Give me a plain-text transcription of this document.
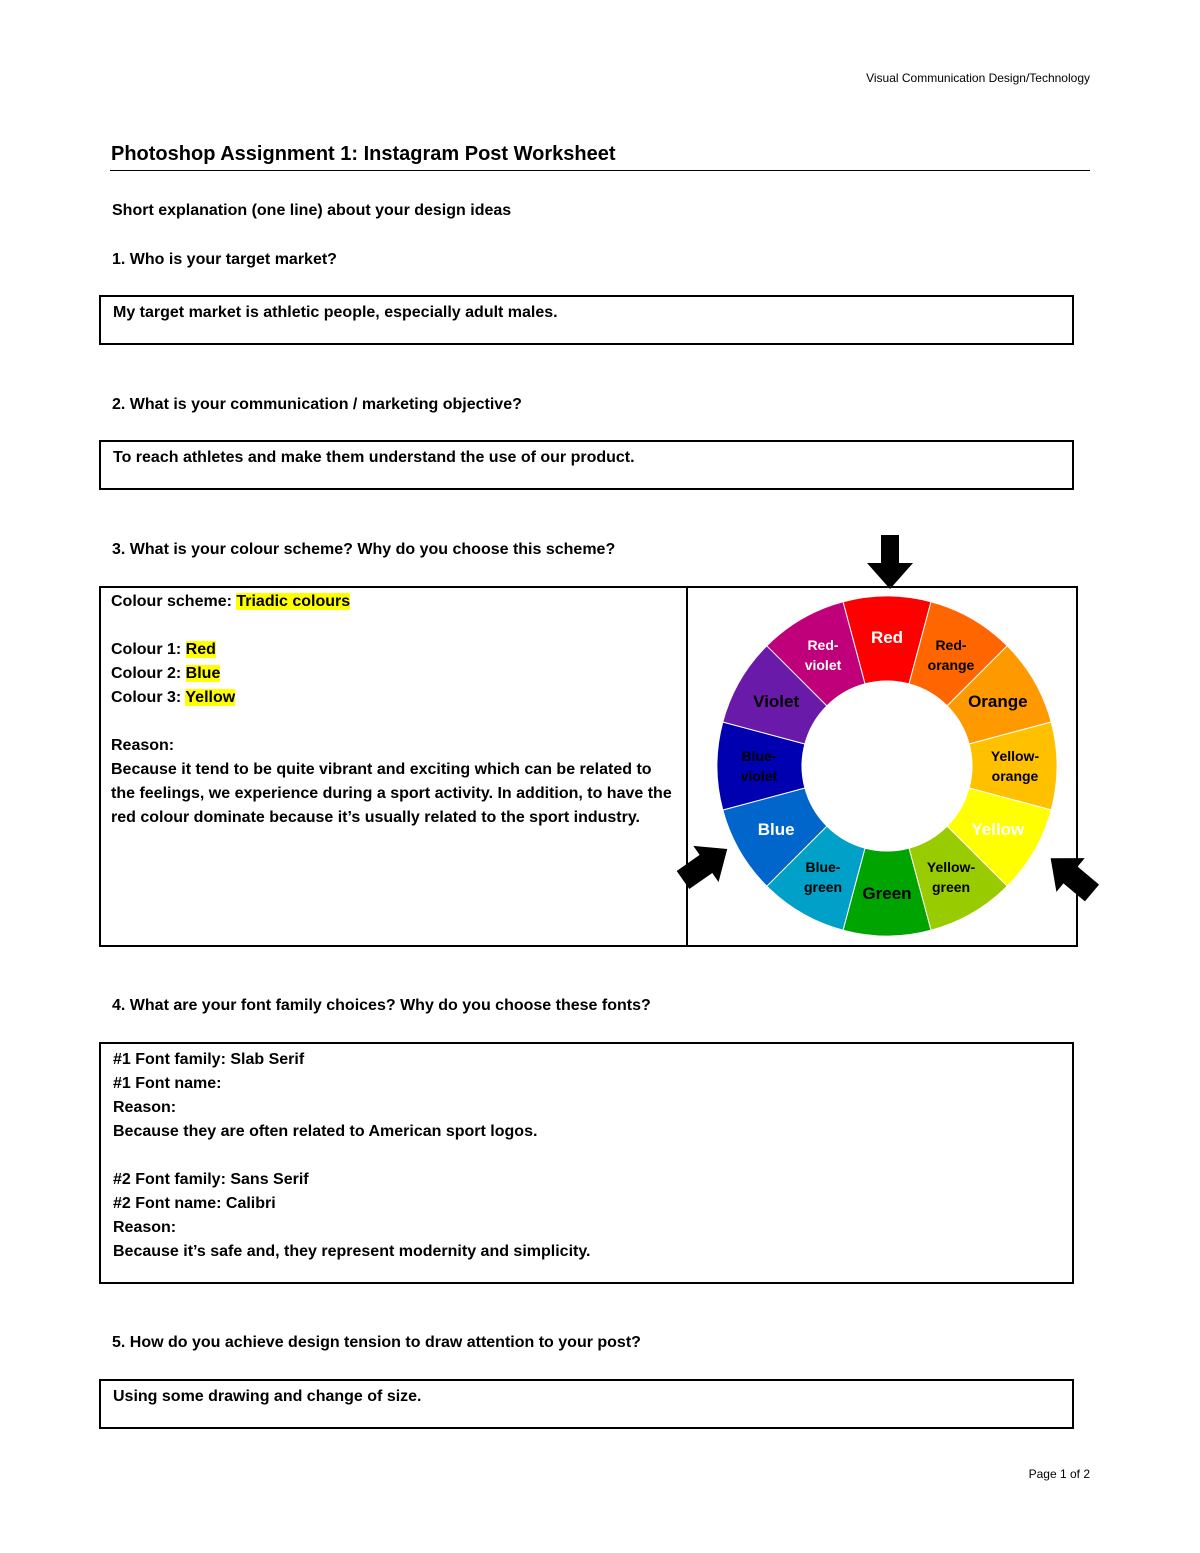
Visual Communication Design/Technology
Photoshop Assignment 1: Instagram Post Worksheet
Short explanation (one line) about your design ideas
1. Who is your target market?

My target market is athletic people, especially adult males.

2. What is your communication / marketing objective?

To reach athletes and make them understand the use of our product.

3. What is your colour scheme? Why do you choose this scheme?

Colour scheme: Triadic colours

Colour 1: Red

Colour 2: Blue

Colour 3: Yellow

Reason:

Because it tend to be quite vibrant and exciting which can be related to the feelings, we experience during a sport activity. In addition, to have the red colour dominate because it’s usually related to the sport industry.

Red	Red-orange
Orange
Yellow-orange
Yellow
Yellow-green
Green
Blue-green
Blue
Blue-violet
Violet
Red-violet
4. What are your font family choices? Why do you choose these fonts?

#1 Font family: Slab Serif

#1 Font name:

Reason:

Because they are often related to American sport logos.

#2 Font family: Sans Serif

#2 Font name: Calibri

Reason:

Because it’s safe and, they represent modernity and simplicity.

5. How do you achieve design tension to draw attention to your post?

Using some drawing and change of size.

Page 1 of 2
